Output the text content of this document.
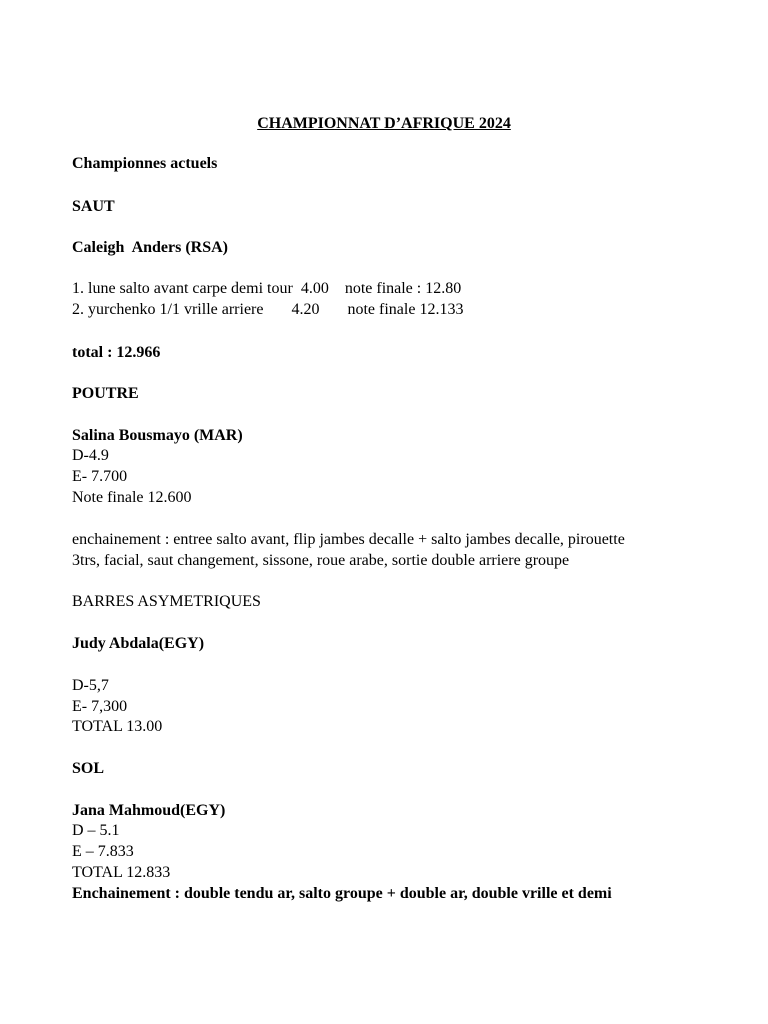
CHAMPIONNAT D’AFRIQUE 2024
Championnes actuels
SAUT
Caleigh  Anders (RSA)
1. lune salto avant carpe demi tour  4.00    note finale : 12.80
2. yurchenko 1/1 vrille arriere       4.20       note finale 12.133
total : 12.966
POUTRE
Salina Bousmayo (MAR)
D-4.9
E- 7.700
Note finale 12.600
enchainement : entree salto avant, flip jambes decalle + salto jambes decalle, pirouette
3trs, facial, saut changement, sissone, roue arabe, sortie double arriere groupe
BARRES ASYMETRIQUES
Judy Abdala(EGY)
D-5,7
E- 7,300
TOTAL 13.00
SOL
Jana Mahmoud(EGY)
D – 5.1
E – 7.833
TOTAL 12.833
Enchainement : double tendu ar, salto groupe + double ar, double vrille et demi
